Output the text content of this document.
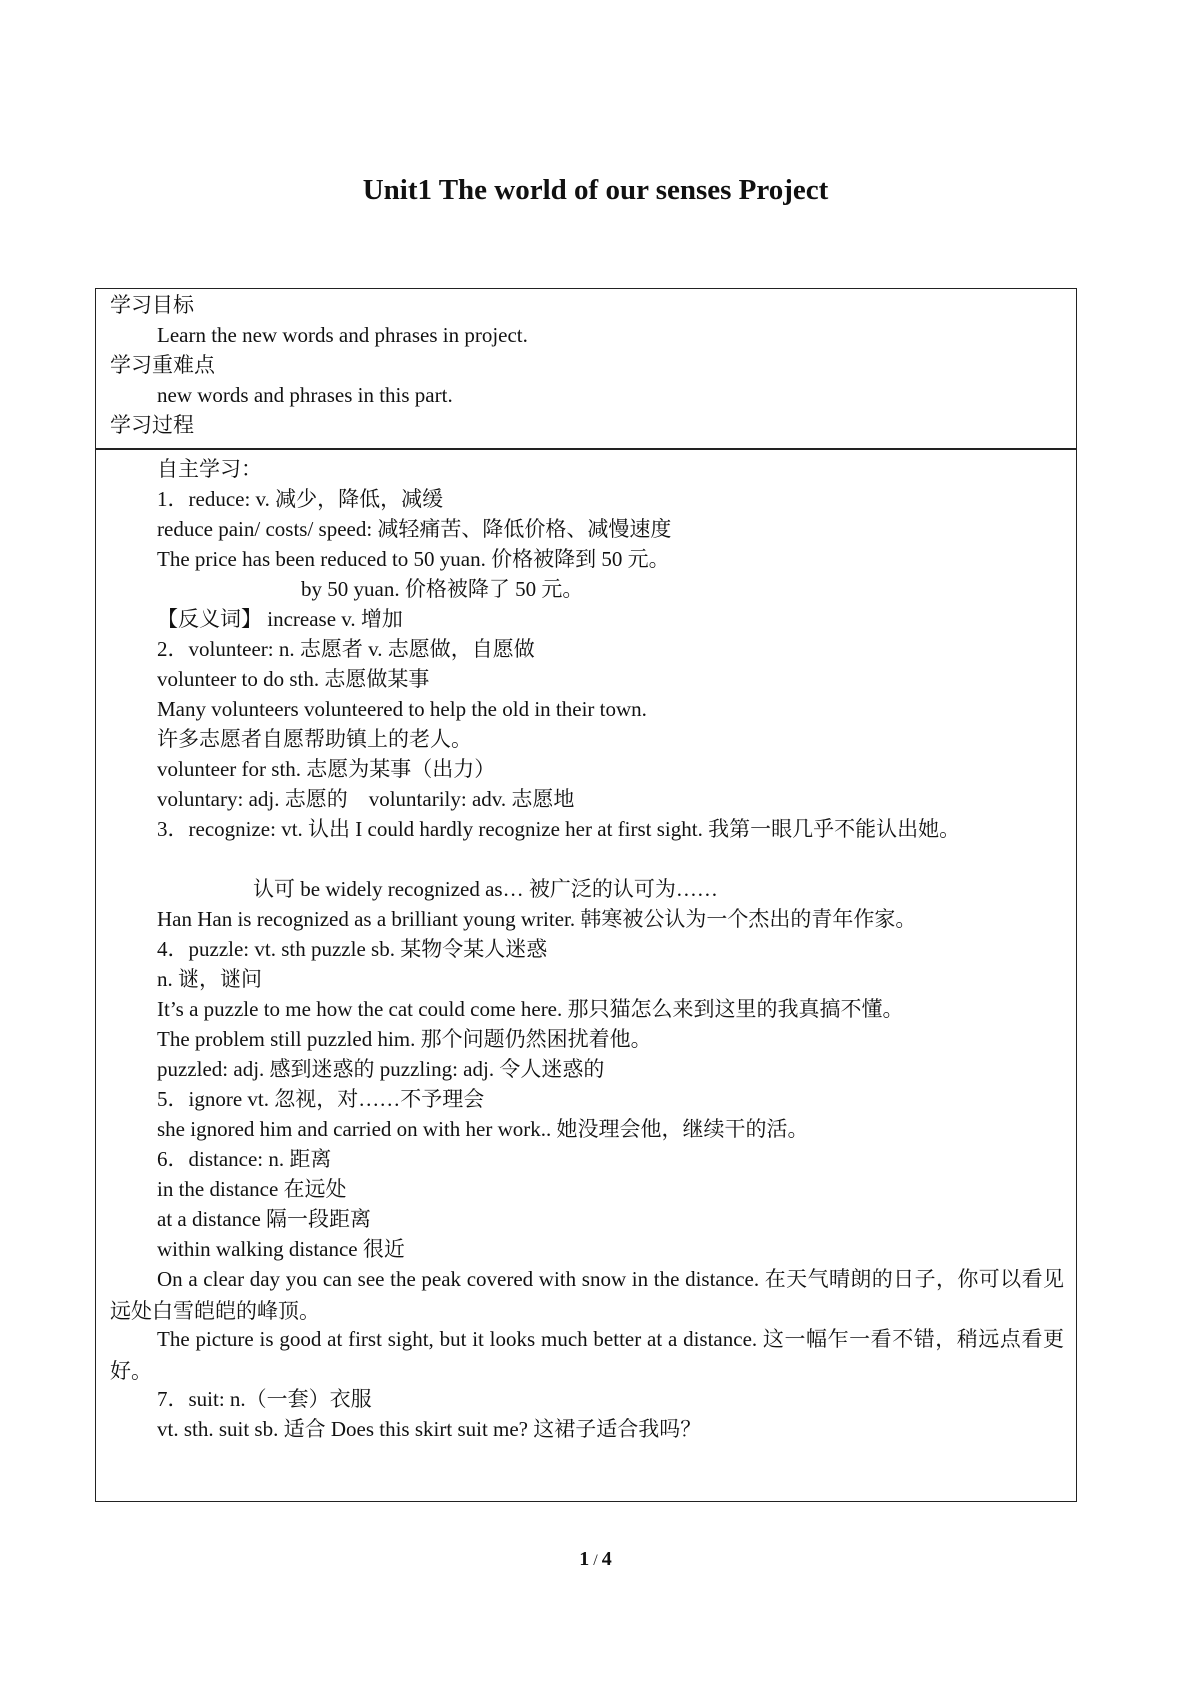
Unit1 The world of our senses Project
学习目标
Learn the new words and phrases in project.
学习重难点
new words and phrases in this part.
学习过程
自主学习：
1．reduce: v. 减少，降低，减缓
reduce pain/ costs/ speed: 减轻痛苦、降低价格、减慢速度
The price has been reduced to 50 yuan. 价格被降到 50 元。
by 50 yuan. 价格被降了 50 元。
【反义词】 increase v. 增加
2．volunteer: n. 志愿者 v. 志愿做，自愿做
volunteer to do sth. 志愿做某事
Many volunteers volunteered to help the old in their town.
许多志愿者自愿帮助镇上的老人。
volunteer for sth. 志愿为某事（出力）
voluntary: adj. 志愿的　voluntarily: adv. 志愿地
3．recognize: vt. 认出 I could hardly recognize her at first sight. 我第一眼几乎不能认出她。
认可 be widely recognized as… 被广泛的认可为……
Han Han is recognized as a brilliant young writer. 韩寒被公认为一个杰出的青年作家。
4．puzzle: vt. sth puzzle sb. 某物令某人迷惑
n. 谜，谜问
It’s a puzzle to me how the cat could come here. 那只猫怎么来到这里的我真搞不懂。
The problem still puzzled him. 那个问题仍然困扰着他。
puzzled: adj. 感到迷惑的 puzzling: adj. 令人迷惑的
5．ignore vt. 忽视，对……不予理会
she ignored him and carried on with her work.. 她没理会他，继续干的活。
6．distance: n. 距离
in the distance 在远处
at a distance 隔一段距离
within walking distance 很近
On a clear day you can see the peak covered with snow in the distance. 在天气晴朗的日子，你可以看见远处白雪皑皑的峰顶。
The picture is good at first sight, but it looks much better at a distance. 这一幅乍一看不错，稍远点看更好。
7．suit: n.（一套）衣服
vt. sth. suit sb. 适合 Does this skirt suit me? 这裙子适合我吗？
1 / 4
